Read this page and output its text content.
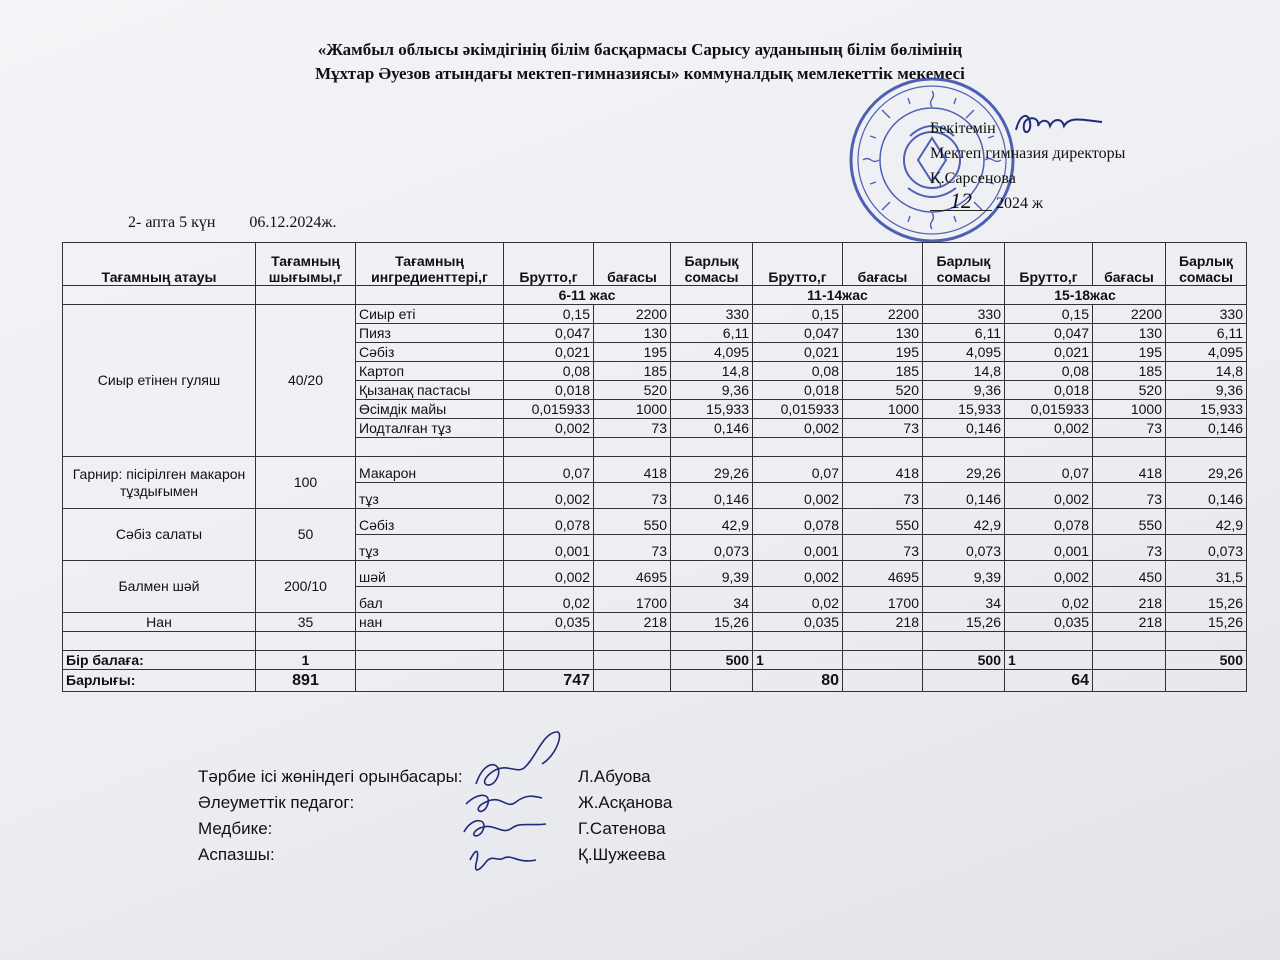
«Жамбыл облысы әкімдігінің білім басқармасы Сарысу ауданының білім бөлімінің
Мұхтар Әуезов атындағы мектеп-гимназиясы» коммуналдық мемлекеттік мекемесі
Бекітемін
Мектеп гимназия директоры
Қ.Сарсенова
12 2024 ж
2- апта 5 күн 06.12.2024ж.
Тағамның атауы	Тағамның шығымы,г	Тағамның ингредиенттері,г	Брутто,г	бағасы	Барлық сомасы	Брутто,г	бағасы	Барлық сомасы	Брутто,г	бағасы	Барлық сомасы
			6-11 жас			11-14жас			15-18жас		
Сиыр етінен гуляш	40/20	Сиыр еті	0,15	2200	330	0,15	2200	330	0,15	2200	330
		Пияз	0,047	130	6,11	0,047	130	6,11	0,047	130	6,11
		Сәбіз	0,021	195	4,095	0,021	195	4,095	0,021	195	4,095
		Картоп	0,08	185	14,8	0,08	185	14,8	0,08	185	14,8
		Қызанақ пастасы	0,018	520	9,36	0,018	520	9,36	0,018	520	9,36
		Өсімдік майы	0,015933	1000	15,933	0,015933	1000	15,933	0,015933	1000	15,933
		Иодталған тұз	0,002	73	0,146	0,002	73	0,146	0,002	73	0,146

Гарнир: пісірілген макарон тұздығымен	100	Макарон	0,07	418	29,26	0,07	418	29,26	0,07	418	29,26
		тұз	0,002	73	0,146	0,002	73	0,146	0,002	73	0,146
Сәбіз салаты	50	Сәбіз	0,078	550	42,9	0,078	550	42,9	0,078	550	42,9
		тұз	0,001	73	0,073	0,001	73	0,073	0,001	73	0,073
Балмен шәй	200/10	шәй	0,002	4695	9,39	0,002	4695	9,39	0,002	450	31,5
		бал	0,02	1700	34	0,02	1700	34	0,02	218	15,26
Нан	35	нан	0,035	218	15,26	0,035	218	15,26	0,035	218	15,26

Бір балаға:	1				500	1		500	1		500
Барлығы:	891		747			80			64		
Тәрбие ісі жөніндегі орынбасары:	Л.Абуова
Әлеуметтік педагог:	Ж.Асқанова
Медбике:	Г.Сатенова
Аспазшы:	Қ.Шужеева
